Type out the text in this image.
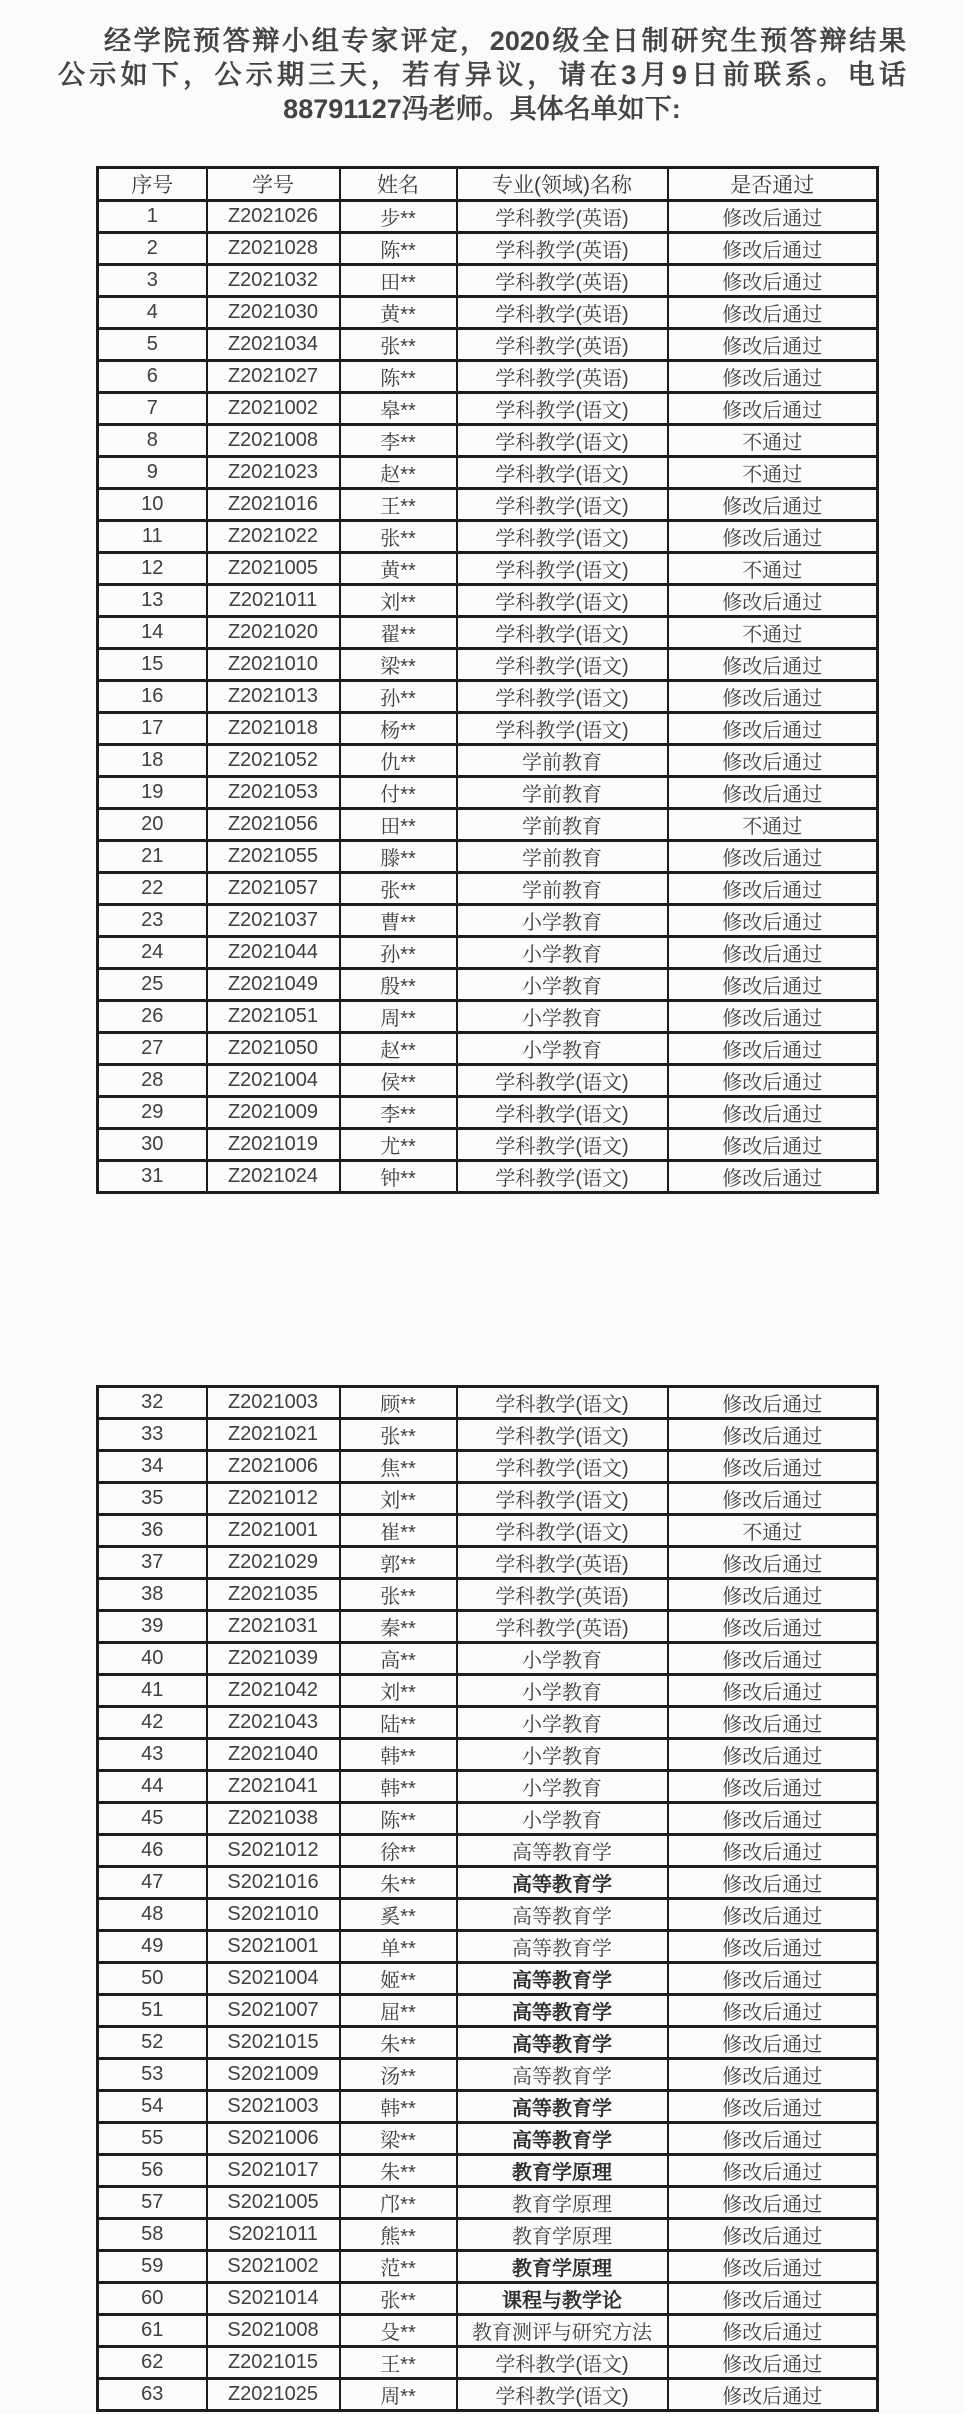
经学院预答辩小组专家评定，2020级全日制研究生预答辩结果
公示如下，公示期三天，若有异议，请在3月9日前联系。电话
88791127冯老师。具体名单如下:
序号	学号	姓名	专业(领域)名称	是否通过
1	Z2021026	步**	学科教学(英语)	修改后通过
2	Z2021028	陈**	学科教学(英语)	修改后通过
3	Z2021032	田**	学科教学(英语)	修改后通过
4	Z2021030	黄**	学科教学(英语)	修改后通过
5	Z2021034	张**	学科教学(英语)	修改后通过
6	Z2021027	陈**	学科教学(英语)	修改后通过
7	Z2021002	皋**	学科教学(语文)	修改后通过
8	Z2021008	李**	学科教学(语文)	不通过
9	Z2021023	赵**	学科教学(语文)	不通过
10	Z2021016	王**	学科教学(语文)	修改后通过
11	Z2021022	张**	学科教学(语文)	修改后通过
12	Z2021005	黄**	学科教学(语文)	不通过
13	Z2021011	刘**	学科教学(语文)	修改后通过
14	Z2021020	翟**	学科教学(语文)	不通过
15	Z2021010	梁**	学科教学(语文)	修改后通过
16	Z2021013	孙**	学科教学(语文)	修改后通过
17	Z2021018	杨**	学科教学(语文)	修改后通过
18	Z2021052	仇**	学前教育	修改后通过
19	Z2021053	付**	学前教育	修改后通过
20	Z2021056	田**	学前教育	不通过
21	Z2021055	滕**	学前教育	修改后通过
22	Z2021057	张**	学前教育	修改后通过
23	Z2021037	曹**	小学教育	修改后通过
24	Z2021044	孙**	小学教育	修改后通过
25	Z2021049	殷**	小学教育	修改后通过
26	Z2021051	周**	小学教育	修改后通过
27	Z2021050	赵**	小学教育	修改后通过
28	Z2021004	侯**	学科教学(语文)	修改后通过
29	Z2021009	李**	学科教学(语文)	修改后通过
30	Z2021019	尤**	学科教学(语文)	修改后通过
31	Z2021024	钟**	学科教学(语文)	修改后通过
32	Z2021003	顾**	学科教学(语文)	修改后通过
33	Z2021021	张**	学科教学(语文)	修改后通过
34	Z2021006	焦**	学科教学(语文)	修改后通过
35	Z2021012	刘**	学科教学(语文)	修改后通过
36	Z2021001	崔**	学科教学(语文)	不通过
37	Z2021029	郭**	学科教学(英语)	修改后通过
38	Z2021035	张**	学科教学(英语)	修改后通过
39	Z2021031	秦**	学科教学(英语)	修改后通过
40	Z2021039	高**	小学教育	修改后通过
41	Z2021042	刘**	小学教育	修改后通过
42	Z2021043	陆**	小学教育	修改后通过
43	Z2021040	韩**	小学教育	修改后通过
44	Z2021041	韩**	小学教育	修改后通过
45	Z2021038	陈**	小学教育	修改后通过
46	S2021012	徐**	高等教育学	修改后通过
47	S2021016	朱**	高等教育学	修改后通过
48	S2021010	奚**	高等教育学	修改后通过
49	S2021001	单**	高等教育学	修改后通过
50	S2021004	姬**	高等教育学	修改后通过
51	S2021007	屈**	高等教育学	修改后通过
52	S2021015	朱**	高等教育学	修改后通过
53	S2021009	汤**	高等教育学	修改后通过
54	S2021003	韩**	高等教育学	修改后通过
55	S2021006	梁**	高等教育学	修改后通过
56	S2021017	朱**	教育学原理	修改后通过
57	S2021005	邝**	教育学原理	修改后通过
58	S2021011	熊**	教育学原理	修改后通过
59	S2021002	范**	教育学原理	修改后通过
60	S2021014	张**	课程与教学论	修改后通过
61	S2021008	殳**	教育测评与研究方法	修改后通过
62	Z2021015	王**	学科教学(语文)	修改后通过
63	Z2021025	周**	学科教学(语文)	修改后通过
